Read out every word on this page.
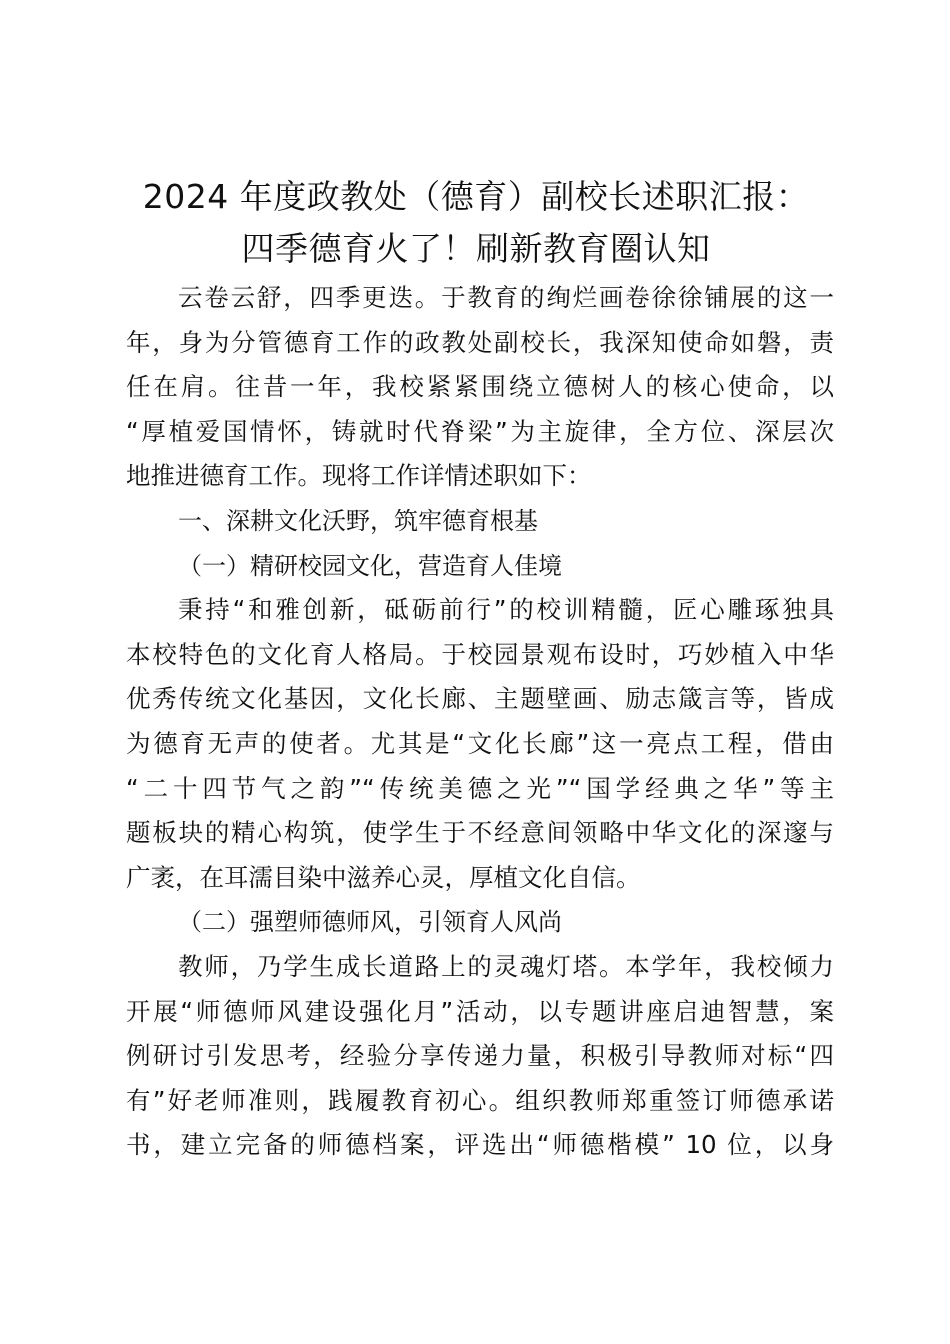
2024 年度政教处（德育）副校长述职汇报：
四季德育火了！刷新教育圈认知
云卷云舒，四季更迭。于教育的绚烂画卷徐徐铺展的这一
年，身为分管德育工作的政教处副校长，我深知使命如磐，责
任在肩。往昔一年，我校紧紧围绕立德树人的核心使命，以
“厚植爱国情怀，铸就时代脊梁”为主旋律，全方位、深层次
地推进德育工作。现将工作详情述职如下：
一、深耕文化沃野，筑牢德育根基
（一）精研校园文化，营造育人佳境
秉持“和雅创新，砥砺前行”的校训精髓，匠心雕琢独具
本校特色的文化育人格局。于校园景观布设时，巧妙植入中华
优秀传统文化基因，文化长廊、主题壁画、励志箴言等，皆成
为德育无声的使者。尤其是“文化长廊”这一亮点工程，借由
“二十四节气之韵”“传统美德之光”“国学经典之华”等主
题板块的精心构筑，使学生于不经意间领略中华文化的深邃与
广袤，在耳濡目染中滋养心灵，厚植文化自信。
（二）强塑师德师风，引领育人风尚
教师，乃学生成长道路上的灵魂灯塔。本学年，我校倾力
开展“师德师风建设强化月”活动，以专题讲座启迪智慧，案
例研讨引发思考，经验分享传递力量，积极引导教师对标“四
有”好老师准则，践履教育初心。组织教师郑重签订师德承诺
书，建立完备的师德档案，评选出“师德楷模” 10 位，以身
